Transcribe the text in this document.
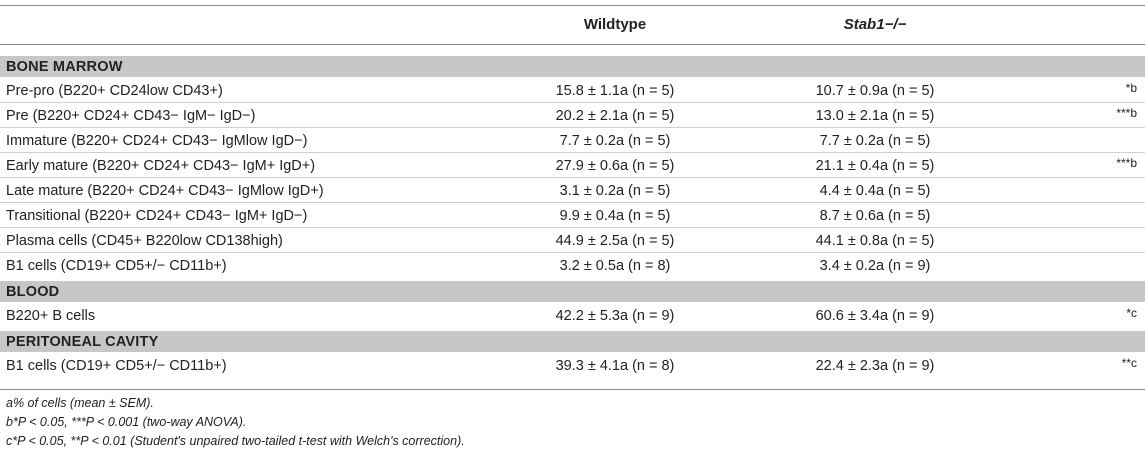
Wildtype	Stab1−/−
BONE MARROW
Pre-pro (B220+ CD24low CD43+)	15.8 ± 1.1a (n = 5)	10.7 ± 0.9a (n = 5)	*b
Pre (B220+ CD24+ CD43− IgM− IgD−)	20.2 ± 2.1a (n = 5)	13.0 ± 2.1a (n = 5)	***b
Immature (B220+ CD24+ CD43− IgMlow IgD−)	7.7 ± 0.2a (n = 5)	7.7 ± 0.2a (n = 5)
Early mature (B220+ CD24+ CD43− IgM+ IgD+)	27.9 ± 0.6a (n = 5)	21.1 ± 0.4a (n = 5)	***b
Late mature (B220+ CD24+ CD43− IgMlow IgD+)	3.1 ± 0.2a (n = 5)	4.4 ± 0.4a (n = 5)
Transitional (B220+ CD24+ CD43− IgM+ IgD−)	9.9 ± 0.4a (n = 5)	8.7 ± 0.6a (n = 5)
Plasma cells (CD45+ B220low CD138high)	44.9 ± 2.5a (n = 5)	44.1 ± 0.8a (n = 5)
B1 cells (CD19+ CD5+/− CD11b+)	3.2 ± 0.5a (n = 8)	3.4 ± 0.2a (n = 9)
BLOOD
B220+ B cells	42.2 ± 5.3a (n = 9)	60.6 ± 3.4a (n = 9)	*c
PERITONEAL CAVITY
B1 cells (CD19+ CD5+/− CD11b+)	39.3 ± 4.1a (n = 8)	22.4 ± 2.3a (n = 9)	**c
a% of cells (mean ± SEM).
b*P < 0.05, ***P < 0.001 (two-way ANOVA).
c*P < 0.05, **P < 0.01 (Student's unpaired two-tailed t-test with Welch's correction).
